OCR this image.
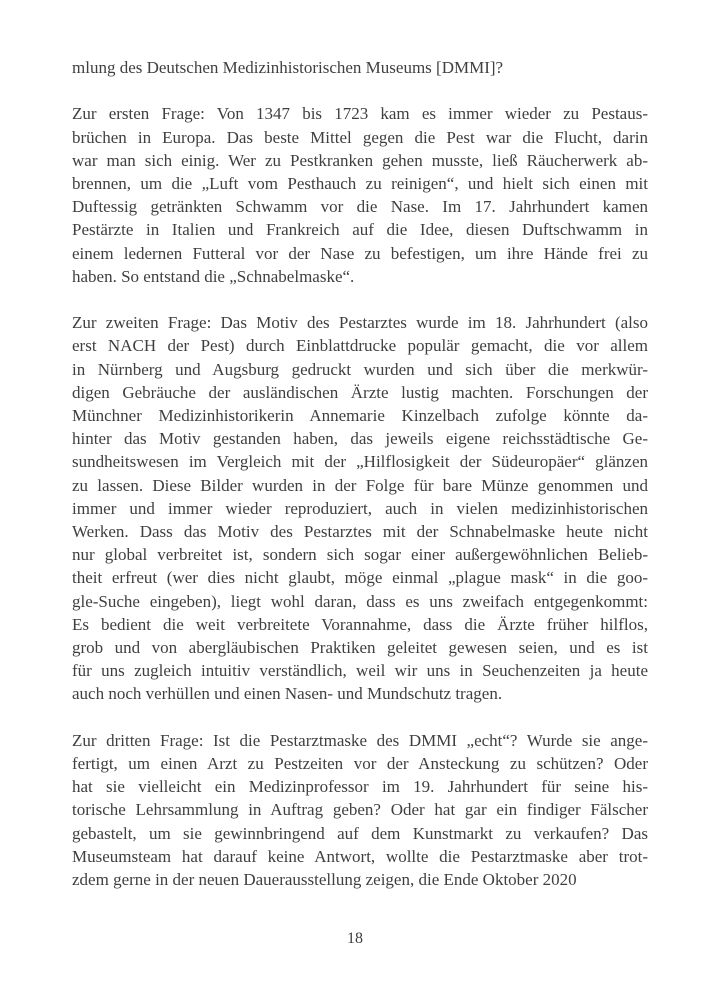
mlung des Deutschen Medizinhistorischen Museums [DMMI]?

Zur ersten Frage: Von 1347 bis 1723 kam es immer wieder zu Pestaus-
brüchen in Europa. Das beste Mittel gegen die Pest war die Flucht, darin
war man sich einig. Wer zu Pestkranken gehen musste, ließ Räucherwerk ab-
brennen, um die „Luft vom Pesthauch zu reinigen“, und hielt sich einen mit
Duftessig getränkten Schwamm vor die Nase. Im 17. Jahrhundert kamen
Pestärzte in Italien und Frankreich auf die Idee, diesen Duftschwamm in
einem ledernen Futteral vor der Nase zu befestigen, um ihre Hände frei zu
haben. So entstand die „Schnabelmaske“.

Zur zweiten Frage: Das Motiv des Pestarztes wurde im 18. Jahrhundert (also
erst NACH der Pest) durch Einblattdrucke populär gemacht, die vor allem
in Nürnberg und Augsburg gedruckt wurden und sich über die merkwür-
digen Gebräuche der ausländischen Ärzte lustig machten. Forschungen der
Münchner Medizinhistorikerin Annemarie Kinzelbach zufolge könnte da-
hinter das Motiv gestanden haben, das jeweils eigene reichsstädtische Ge-
sundheitswesen im Vergleich mit der „Hilflosigkeit der Südeuropäer“ glänzen
zu lassen. Diese Bilder wurden in der Folge für bare Münze genommen und
immer und immer wieder reproduziert, auch in vielen medizinhistorischen
Werken. Dass das Motiv des Pestarztes mit der Schnabelmaske heute nicht
nur global verbreitet ist, sondern sich sogar einer außergewöhnlichen Belieb-
theit erfreut (wer dies nicht glaubt, möge einmal „plague mask“ in die goo-
gle-Suche eingeben), liegt wohl daran, dass es uns zweifach entgegenkommt:
Es bedient die weit verbreitete Vorannahme, dass die Ärzte früher hilflos,
grob und von abergläubischen Praktiken geleitet gewesen seien, und es ist
für uns zugleich intuitiv verständlich, weil wir uns in Seuchenzeiten ja heute
auch noch verhüllen und einen Nasen- und Mundschutz tragen.

Zur dritten Frage: Ist die Pestarztmaske des DMMI „echt“? Wurde sie ange-
fertigt, um einen Arzt zu Pestzeiten vor der Ansteckung zu schützen? Oder
hat sie vielleicht ein Medizinprofessor im 19. Jahrhundert für seine his-
torische Lehrsammlung in Auftrag geben? Oder hat gar ein findiger Fälscher
gebastelt, um sie gewinnbringend auf dem Kunstmarkt zu verkaufen? Das
Museumsteam hat darauf keine Antwort, wollte die Pestarztmaske aber trot-
zdem gerne in der neuen Dauerausstellung zeigen, die Ende Oktober 2020

18
